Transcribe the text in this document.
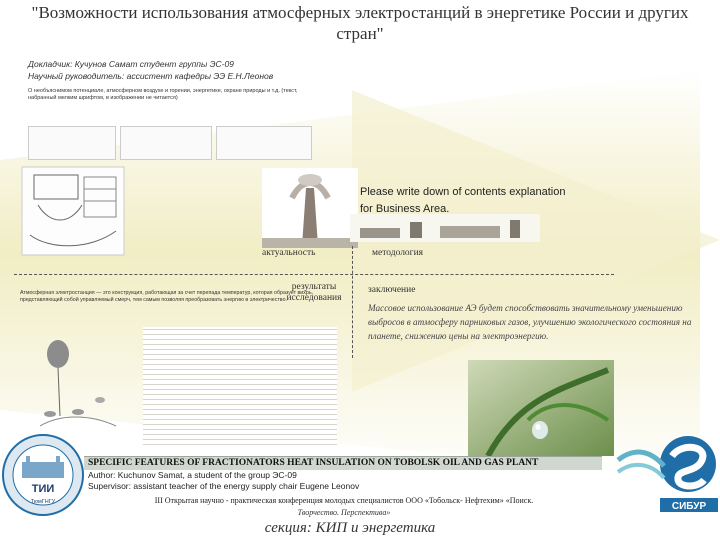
"Возможности использования атмосферных электростанций в энергетике России и других стран"
Докладчик: Кучунов Самат студент группы ЭС-09
Научный руководитель: ассистент кафедры ЭЭ Е.Н.Леонов
О необъяснимом потенциале, атмосферном воздухе и горении, энергетике, охране природы и т.д. (текст, набранный мелким шрифтом, в изображении не читается)
Please write down of contents explanation for Business Area.
актуальность	методология
результаты исследования
заключение
Атмосферная электростанция — это конструкция, работающая за счет перепада температур, которая образует вихрь, представляющий собой управляемый смерч, тем самым позволяя преобразовать энергию в электричество.
Массовое использование АЭ будет способствовать значительному уменьшению выбросов в атмосферу парниковых газов, улучшению экологического состояния на планете, снижению цены на электроэнергию.
SPECIFIC FEATURES OF FRACTIONATORS HEAT INSULATION ON TOBOLSK OIL AND GAS PLANT
Author: Kuchunov Samat, a student of the group ЭС-09
Supervisor: assistant teacher of the energy supply chair Eugene Leonov
III Открытая научно - практическая конференция молодых специалистов ООО «Тобольск- Нефтехим» «Поиск.
Творчество. Перспектива»
секция: КИП и энергетика
ТИИ
ТюмГНГУ	СИБУР
